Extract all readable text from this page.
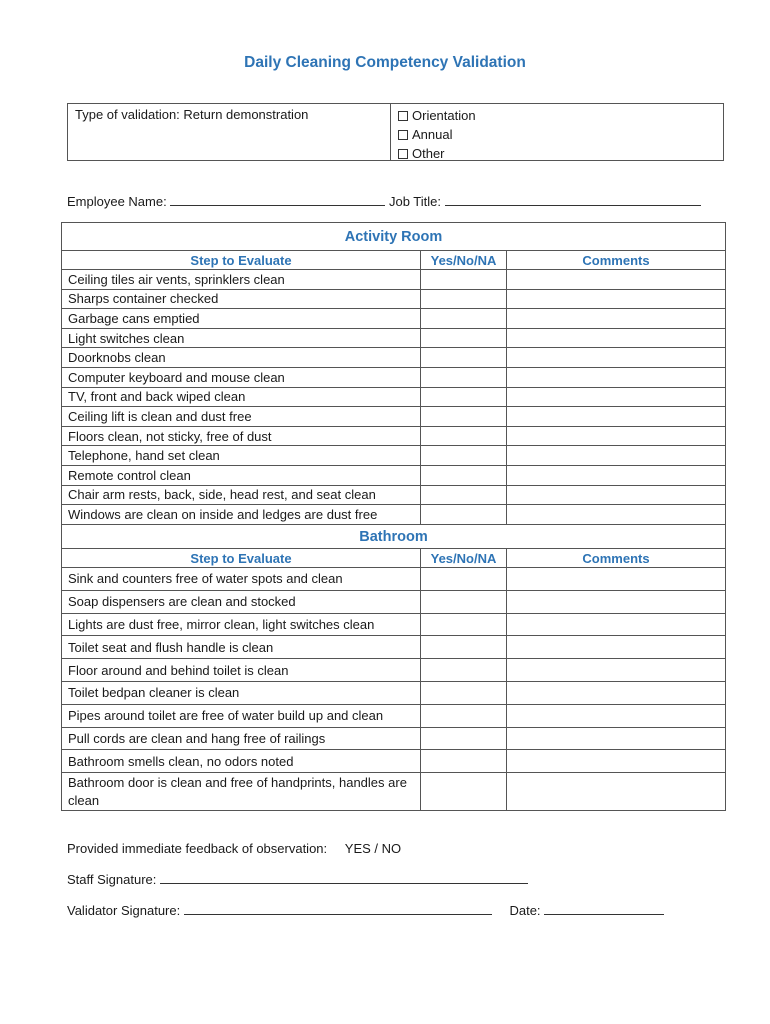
Daily Cleaning Competency Validation
Type of validation: Return demonstration	Orientation
Annual
Other
Employee Name:	Job Title:
Activity Room		
Step to Evaluate	Yes/No/NA	Comments
Ceiling tiles air vents, sprinklers clean		
Sharps container checked		
Garbage cans emptied		
Light switches clean		
Doorknobs clean		
Computer keyboard and mouse clean		
TV, front and back wiped clean		
Ceiling lift is clean and dust free		
Floors clean, not sticky, free of dust		
Telephone, hand set clean		
Remote control clean		
Chair arm rests, back, side, head rest, and seat clean		
Windows are clean on inside and ledges are dust free		
Bathroom		
Step to Evaluate	Yes/No/NA	Comments
Sink and counters free of water spots and clean		
Soap dispensers are clean and stocked		
Lights are dust free, mirror clean, light switches clean		
Toilet seat and flush handle is clean		
Floor around and behind toilet is clean		
Toilet bedpan cleaner is clean		
Pipes around toilet are free of water build up and clean		
Pull cords are clean and hang free of railings		
Bathroom smells clean, no odors noted		
Bathroom door is clean and free of handprints, handles are clean		
Provided immediate feedback of observation: YES / NO
Staff Signature:
Validator Signature:	Date:
